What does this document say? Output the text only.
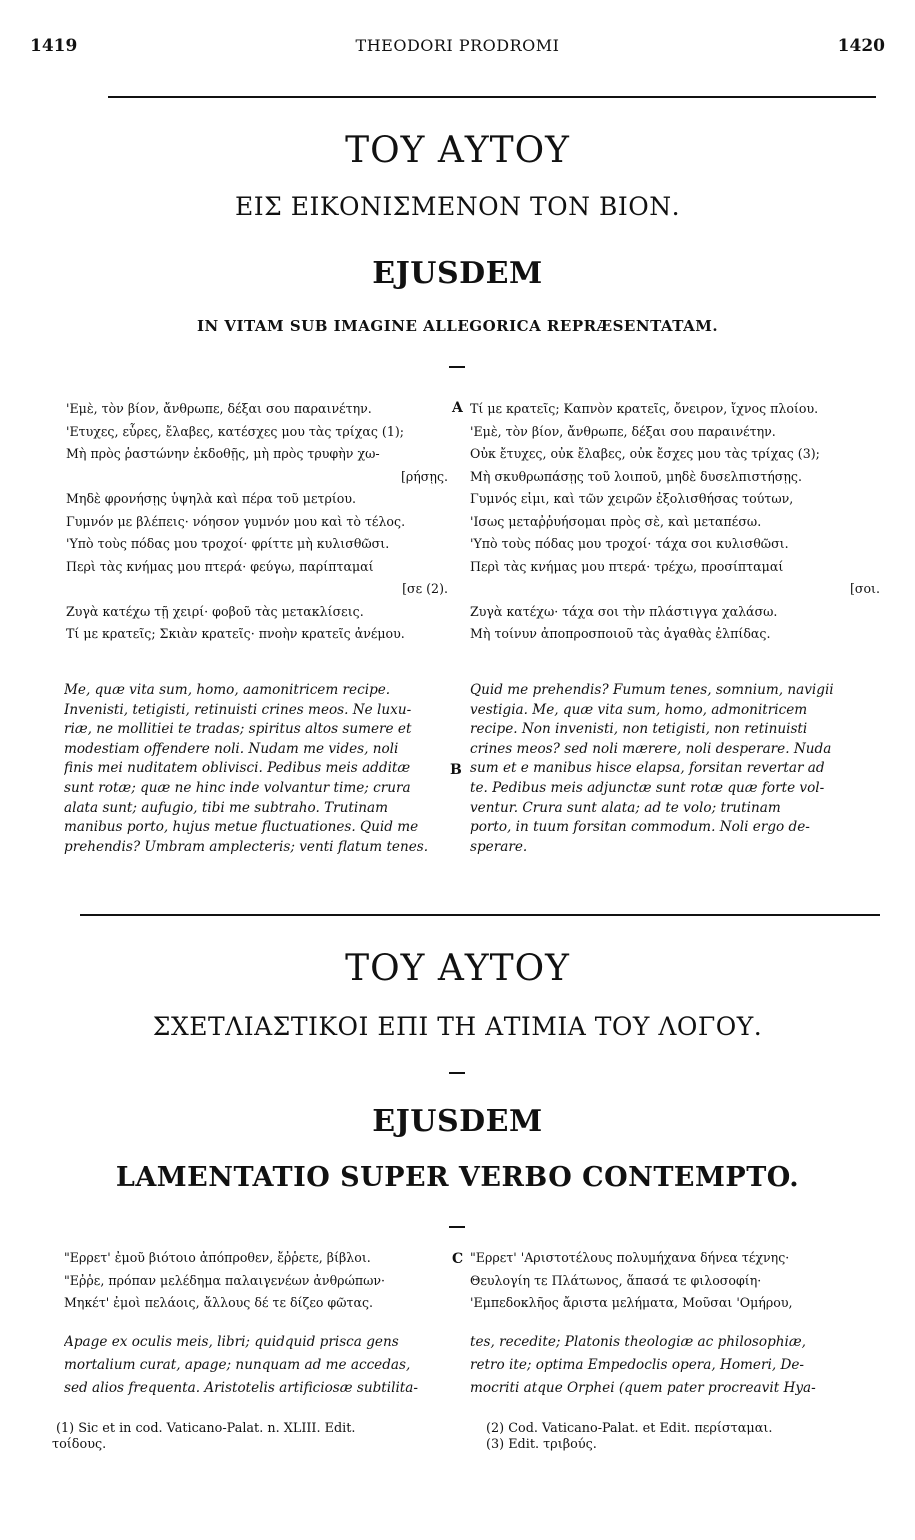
1419	THEODORI PRODROMI	1420
ΤΟΥ ΑΥΤΟΥ
ΕΙΣ ΕΙΚΟΝΙΣΜΕΝΟΝ ΤΟΝ ΒΙΟΝ.
EJUSDEM
IN VITAM SUB IMAGINE ALLEGORICA REPRÆSENTATAM.
'Εμὲ, τὸν βίον, ἄνθρωπε, δέξαι σου παραινέτην.
'Ετυχες, εὗρες, ἔλαβες, κατέσχες μου τὰς τρίχας (1);
Μὴ πρὸς ῥαστώνην ἐκδοθῇς, μὴ πρὸς τρυφὴν χω-
[ρήσῃς.
Μηδὲ φρονήσῃς ὑψηλὰ καὶ πέρα τοῦ μετρίου.
Γυμνόν με βλέπεις· νόησον γυμνόν μου καὶ τὸ τέλος.
'Υπὸ τοὺς πόδας μου τροχοί· φρίττε μὴ κυλισθῶσι.
Περὶ τὰς κνήμας μου πτερά· φεύγω, παρίπταμαί
[σε (2).
Ζυγὰ κατέχω τῇ χειρί· φοβοῦ τὰς μετακλίσεις.
Τί με κρατεῖς; Σκιὰν κρατεῖς· πνοὴν κρατεῖς ἀνέμου.
A Τί με κρατεῖς; Καπνὸν κρατεῖς, ὄνειρον, ἴχνος πλοίου.
'Εμὲ, τὸν βίον, ἄνθρωπε, δέξαι σου παραινέτην.
Οὐκ ἔτυχες, οὐκ ἔλαβες, οὐκ ἔσχες μου τὰς τρίχας (3);
Μὴ σκυθρωπάσῃς τοῦ λοιποῦ, μηδὲ δυσελπιστήσῃς.
Γυμνός εἰμι, καὶ τῶν χειρῶν ἐξολισθήσας τούτων,
'Ισως μεταῤῥυήσομαι πρὸς σὲ, καὶ μεταπέσω.
'Υπὸ τοὺς πόδας μου τροχοί· τάχα σοι κυλισθῶσι.
Περὶ τὰς κνήμας μου πτερά· τρέχω, προσίπταμαί
[σοι.
Ζυγὰ κατέχω· τάχα σοι τὴν πλάστιγγα χαλάσω.
Μὴ τοίνυν ἀποπροσποιοῦ τὰς ἀγαθὰς ἐλπίδας.
Me, quæ vita sum, homo, aamonitricem recipe.
Invenisti, tetigisti, retinuisti crines meos. Ne luxu-
riæ, ne mollitiei te tradas; spiritus altos sumere et
modestiam offendere noli. Nudam me vides, noli
finis mei nuditatem oblivisci. Pedibus meis additæ
sunt rotæ; quæ ne hinc inde volvantur time; crura
alata sunt; aufugio, tibi me subtraho. Trutinam
manibus porto, hujus metue fluctuationes. Quid me
prehendis? Umbram amplecteris; venti flatum tenes.
B
Quid me prehendis? Fumum tenes, somnium, navigii
vestigia. Me, quæ vita sum, homo, admonitricem
recipe. Non invenisti, non tetigisti, non retinuisti
crines meos? sed noli mærere, noli desperare. Nuda
sum et e manibus hisce elapsa, forsitan revertar ad
te. Pedibus meis adjunctæ sunt rotæ quæ forte vol-
ventur. Crura sunt alata; ad te volo; trutinam
porto, in tuum forsitan commodum. Noli ergo de-
sperare.
ΤΟΥ ΑΥΤΟΥ
ΣΧΕΤΛΙΑΣΤΙΚΟΙ ΕΠΙ ΤΗ ΑΤΙΜΙΑ ΤΟΥ ΛΟΓΟΥ.
EJUSDEM
LAMENTATIO SUPER VERBO CONTEMPTO.
"Ερρετ' ἐμοῦ βιότοιο ἀπόπροθεν, ἔῤῥετε, βίβλοι.
"Εῤῥε, πρόπαν μελέδημα παλαιγενέων ἀνθρώπων·
Μηκέτ' ἐμοὶ πελάοις, ἄλλους δέ τε δίζεο φῶτας.
C "Ερρετ' 'Αριστοτέλους πολυμήχανα δήνεα τέχνης·
Θευλογίη τε Πλάτωνος, ἅπασά τε φιλοσοφίη·
'Εμπεδοκλῆος ἄριστα μελήματα, Μοῦσαι 'Ομήρου,
Apage ex oculis meis, libri; quidquid prisca gens
mortalium curat, apage; nunquam ad me accedas,
sed alios frequenta. Aristotelis artificiosæ subtilita-
tes, recedite; Platonis theologiæ ac philosophiæ,
retro ite; optima Empedoclis opera, Homeri, De-
mocriti atque Orphei (quem pater procreavit Hya-
(1) Sic et in cod. Vaticano-Palat. n. XLIII. Edit.
τοίδους.
(2) Cod. Vaticano-Palat. et Edit. περίσταμαι.
(3) Edit. τριβούς.
